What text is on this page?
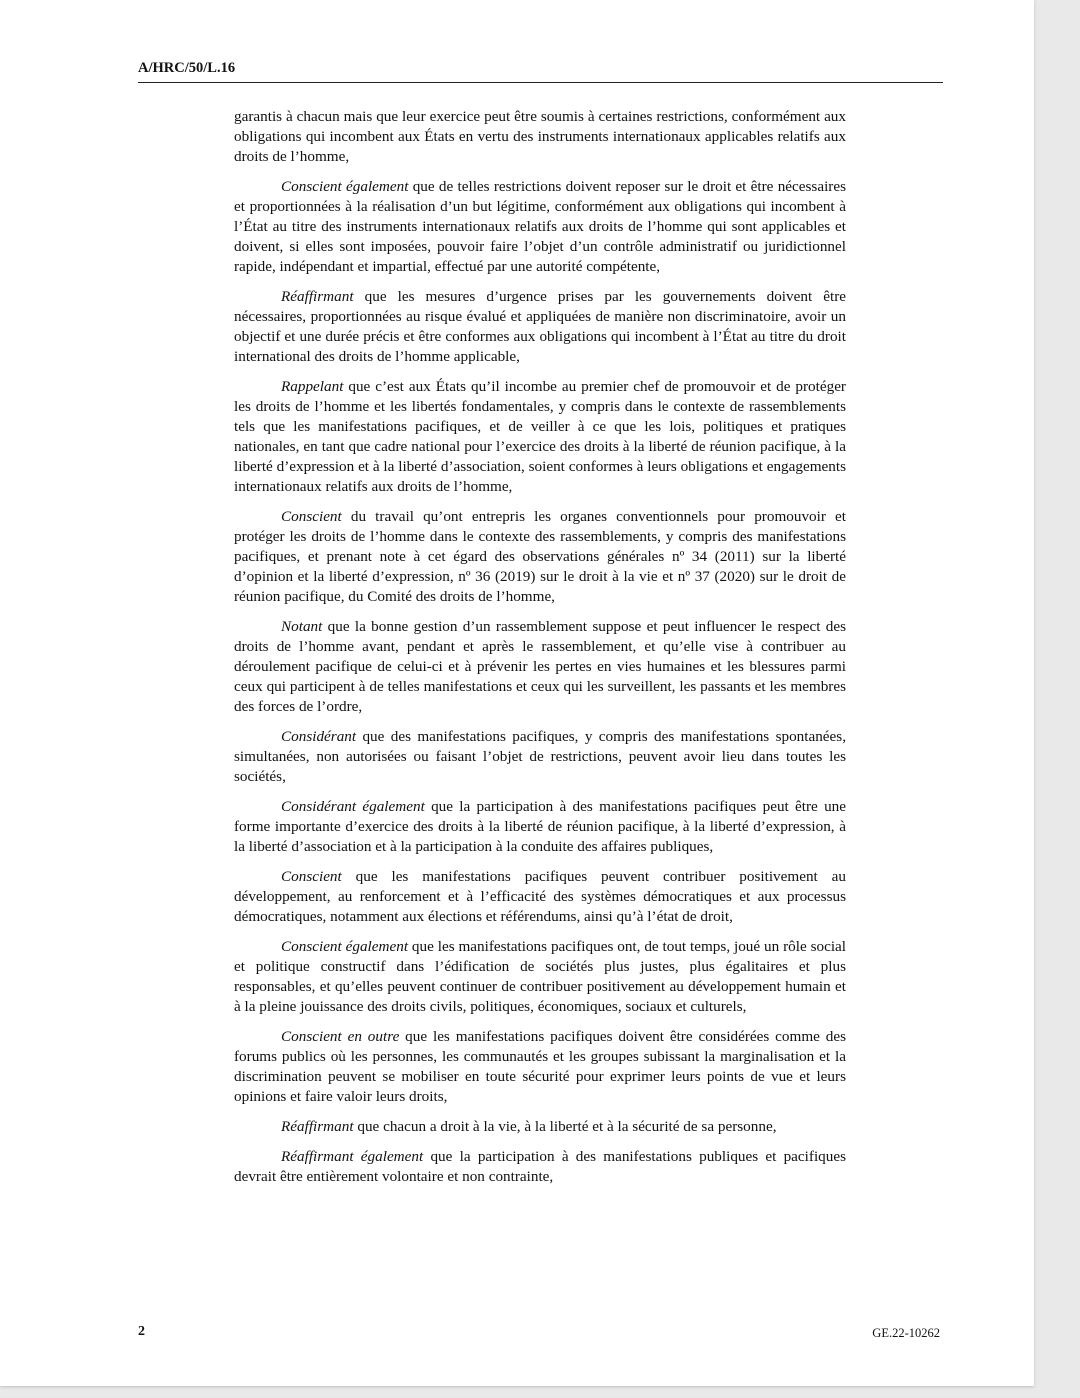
A/HRC/50/L.16

garantis à chacun mais que leur exercice peut être soumis à certaines restrictions, conformément aux obligations qui incombent aux États en vertu des instruments internationaux applicables relatifs aux droits de l’homme,

Conscient également que de telles restrictions doivent reposer sur le droit et être nécessaires et proportionnées à la réalisation d’un but légitime, conformément aux obligations qui incombent à l’État au titre des instruments internationaux relatifs aux droits de l’homme qui sont applicables et doivent, si elles sont imposées, pouvoir faire l’objet d’un contrôle administratif ou juridictionnel rapide, indépendant et impartial, effectué par une autorité compétente,

Réaffirmant que les mesures d’urgence prises par les gouvernements doivent être nécessaires, proportionnées au risque évalué et appliquées de manière non discriminatoire, avoir un objectif et une durée précis et être conformes aux obligations qui incombent à l’État au titre du droit international des droits de l’homme applicable,

Rappelant que c’est aux États qu’il incombe au premier chef de promouvoir et de protéger les droits de l’homme et les libertés fondamentales, y compris dans le contexte de rassemblements tels que les manifestations pacifiques, et de veiller à ce que les lois, politiques et pratiques nationales, en tant que cadre national pour l’exercice des droits à la liberté de réunion pacifique, à la liberté d’expression et à la liberté d’association, soient conformes à leurs obligations et engagements internationaux relatifs aux droits de l’homme,

Conscient du travail qu’ont entrepris les organes conventionnels pour promouvoir et protéger les droits de l’homme dans le contexte des rassemblements, y compris des manifestations pacifiques, et prenant note à cet égard des observations générales nº 34 (2011) sur la liberté d’opinion et la liberté d’expression, nº 36 (2019) sur le droit à la vie et nº 37 (2020) sur le droit de réunion pacifique, du Comité des droits de l’homme,

Notant que la bonne gestion d’un rassemblement suppose et peut influencer le respect des droits de l’homme avant, pendant et après le rassemblement, et qu’elle vise à contribuer au déroulement pacifique de celui-ci et à prévenir les pertes en vies humaines et les blessures parmi ceux qui participent à de telles manifestations et ceux qui les surveillent, les passants et les membres des forces de l’ordre,

Considérant que des manifestations pacifiques, y compris des manifestations spontanées, simultanées, non autorisées ou faisant l’objet de restrictions, peuvent avoir lieu dans toutes les sociétés,

Considérant également que la participation à des manifestations pacifiques peut être une forme importante d’exercice des droits à la liberté de réunion pacifique, à la liberté d’expression, à la liberté d’association et à la participation à la conduite des affaires publiques,

Conscient que les manifestations pacifiques peuvent contribuer positivement au développement, au renforcement et à l’efficacité des systèmes démocratiques et aux processus démocratiques, notamment aux élections et référendums, ainsi qu’à l’état de droit,

Conscient également que les manifestations pacifiques ont, de tout temps, joué un rôle social et politique constructif dans l’édification de sociétés plus justes, plus égalitaires et plus responsables, et qu’elles peuvent continuer de contribuer positivement au développement humain et à la pleine jouissance des droits civils, politiques, économiques, sociaux et culturels,

Conscient en outre que les manifestations pacifiques doivent être considérées comme des forums publics où les personnes, les communautés et les groupes subissant la marginalisation et la discrimination peuvent se mobiliser en toute sécurité pour exprimer leurs points de vue et leurs opinions et faire valoir leurs droits,

Réaffirmant que chacun a droit à la vie, à la liberté et à la sécurité de sa personne,

Réaffirmant également que la participation à des manifestations publiques et pacifiques devrait être entièrement volontaire et non contrainte,

2	GE.22-10262
